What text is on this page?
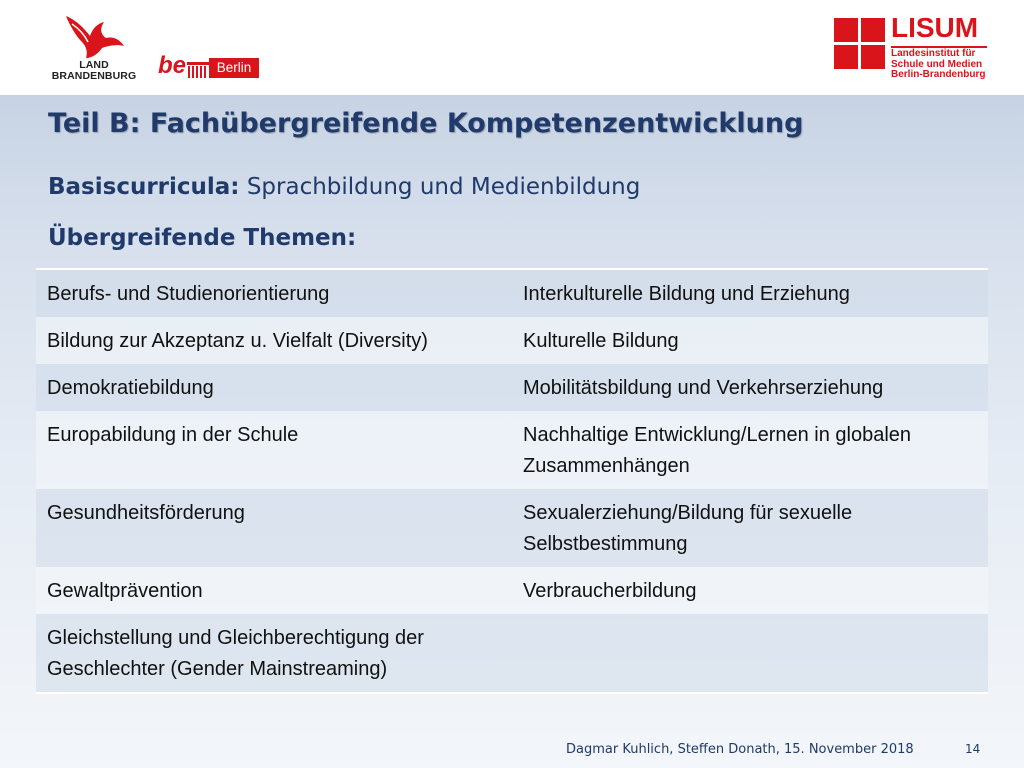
LAND
BRANDENBURG be	Berlin
LISUM
Landesinstitut für
Schule und Medien
Berlin-Brandenburg
Teil B: Fachübergreifende Kompetenzentwicklung
Basiscurricula: Sprachbildung und Medienbildung
Übergreifende Themen:
Berufs- und Studienorientierung	Interkulturelle Bildung und Erziehung
Bildung zur Akzeptanz u. Vielfalt (Diversity)	Kulturelle Bildung
Demokratiebildung	Mobilitätsbildung und Verkehrserziehung
Europabildung in der Schule	Nachhaltige Entwicklung/Lernen in globalen Zusammenhängen
Gesundheitsförderung	Sexualerziehung/Bildung für sexuelle Selbstbestimmung
Gewaltprävention	Verbraucherbildung
Gleichstellung und Gleichberechtigung der Geschlechter (Gender Mainstreaming)	
Dagmar Kuhlich, Steffen Donath, 15. November 2018	14
